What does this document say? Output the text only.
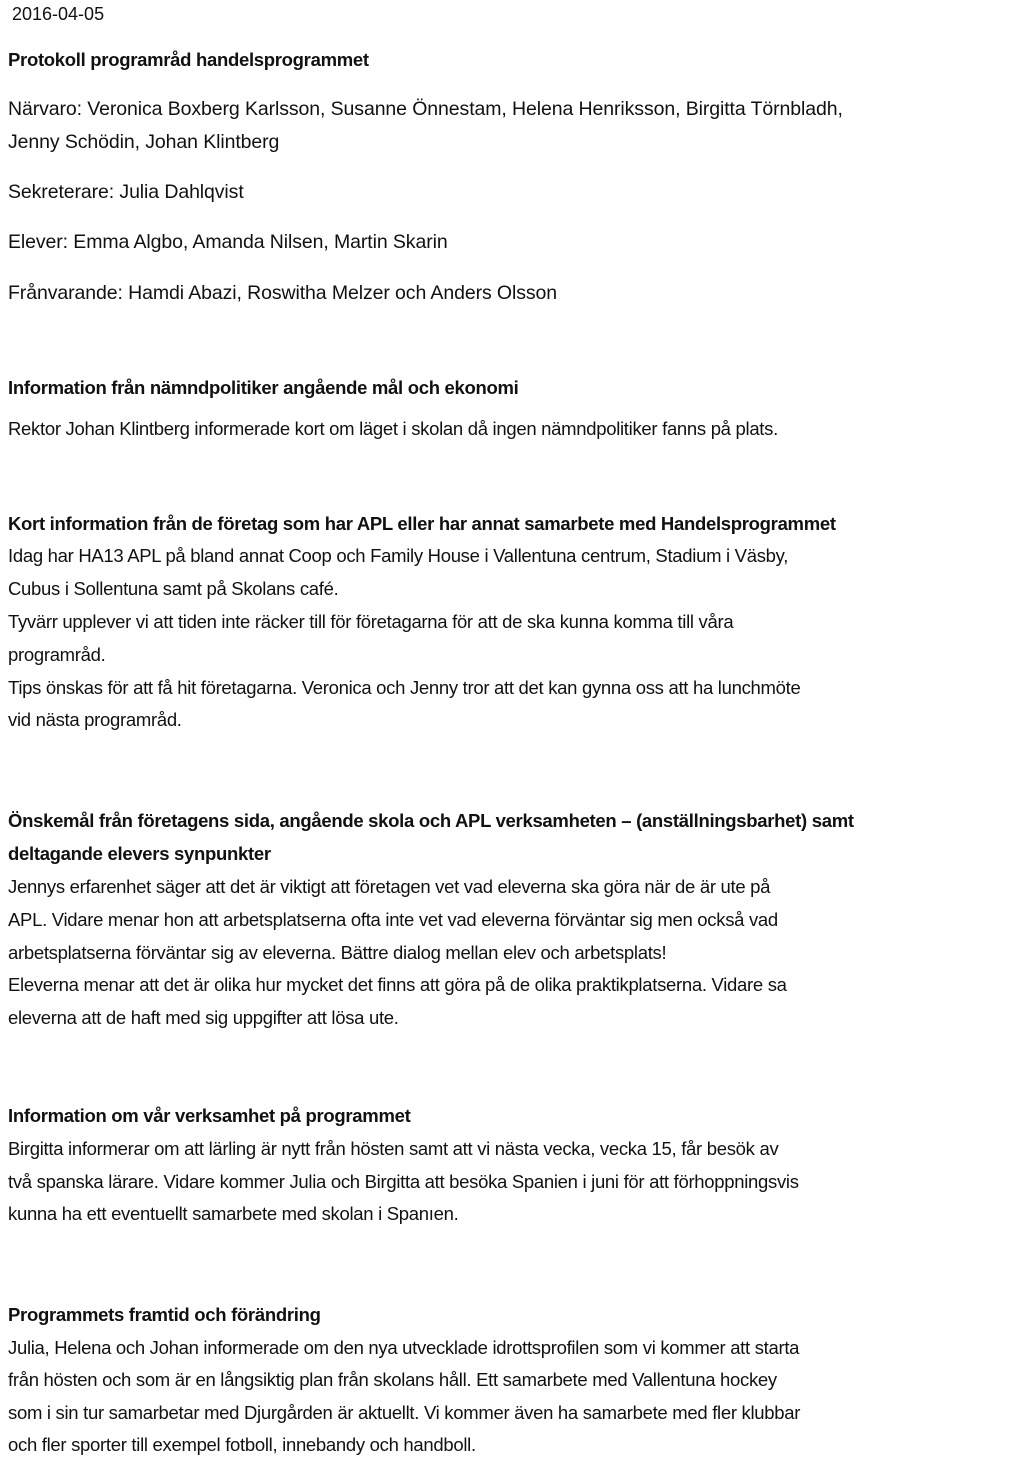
2016-04-05
Protokoll programråd handelsprogrammet
Närvaro: Veronica Boxberg Karlsson, Susanne Önnestam, Helena Henriksson, Birgitta Törnbladh,
Jenny Schödin, Johan Klintberg
Sekreterare: Julia Dahlqvist
Elever: Emma Algbo, Amanda Nilsen, Martin Skarin
Frånvarande: Hamdi Abazi, Roswitha Melzer och Anders Olsson
Information från nämndpolitiker angående mål och ekonomi
Rektor Johan Klintberg informerade kort om läget i skolan då ingen nämndpolitiker fanns på plats.
Kort information från de företag som har APL eller har annat samarbete med Handelsprogrammet
Idag har HA13 APL på bland annat Coop och Family House i Vallentuna centrum, Stadium i Väsby,
Cubus i Sollentuna samt på Skolans café.
Tyvärr upplever vi att tiden inte räcker till för företagarna för att de ska kunna komma till våra
programråd.
Tips önskas för att få hit företagarna. Veronica och Jenny tror att det kan gynna oss att ha lunchmöte
vid nästa programråd.
Önskemål från företagens sida, angående skola och APL verksamheten – (anställningsbarhet) samt
deltagande elevers synpunkter
Jennys erfarenhet säger att det är viktigt att företagen vet vad eleverna ska göra när de är ute på
APL. Vidare menar hon att arbetsplatserna ofta inte vet vad eleverna förväntar sig men också vad
arbetsplatserna förväntar sig av eleverna. Bättre dialog mellan elev och arbetsplats!
Eleverna menar att det är olika hur mycket det finns att göra på de olika praktikplatserna. Vidare sa
eleverna att de haft med sig uppgifter att lösa ute.
Information om vår verksamhet på programmet
Birgitta informerar om att lärling är nytt från hösten samt att vi nästa vecka, vecka 15, får besök av
två spanska lärare. Vidare kommer Julia och Birgitta att besöka Spanien i juni för att förhoppningsvis
kunna ha ett eventuellt samarbete med skolan i Spanıen.
Programmets framtid och förändring
Julia, Helena och Johan informerade om den nya utvecklade idrottsprofilen som vi kommer att starta
från hösten och som är en långsiktig plan från skolans håll. Ett samarbete med Vallentuna hockey
som i sin tur samarbetar med Djurgården är aktuellt. Vi kommer även ha samarbete med fler klubbar
och fler sporter till exempel fotboll, innebandy och handboll.
